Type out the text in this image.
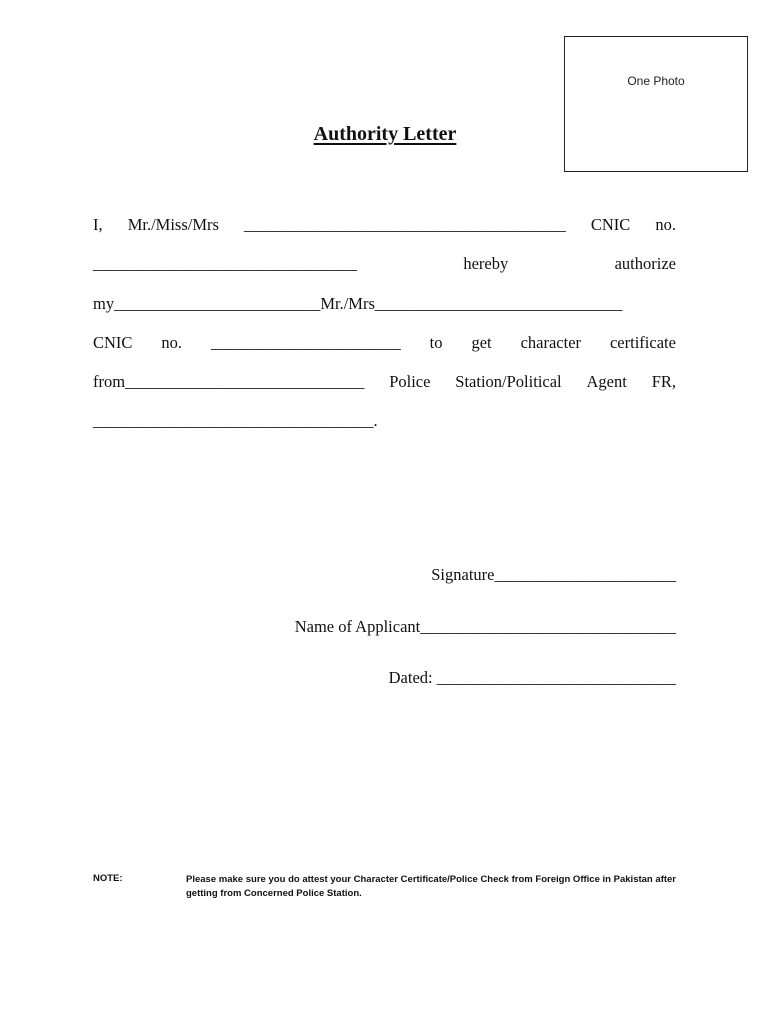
One Photo
Authority Letter
I, Mr./Miss/Mrs _______________________________________ CNIC no.
________________________________	hereby	authorize
my_________________________Mr./Mrs______________________________
CNIC no. _______________________ to get character certificate
from_____________________________ Police Station/Political Agent FR,
__________________________________.
Signature______________________
Name of Applicant_______________________________
Dated: _____________________________
NOTE:	Please make sure you do attest your Character Certificate/Police Check from Foreign Office in Pakistan after getting from Concerned Police Station.
